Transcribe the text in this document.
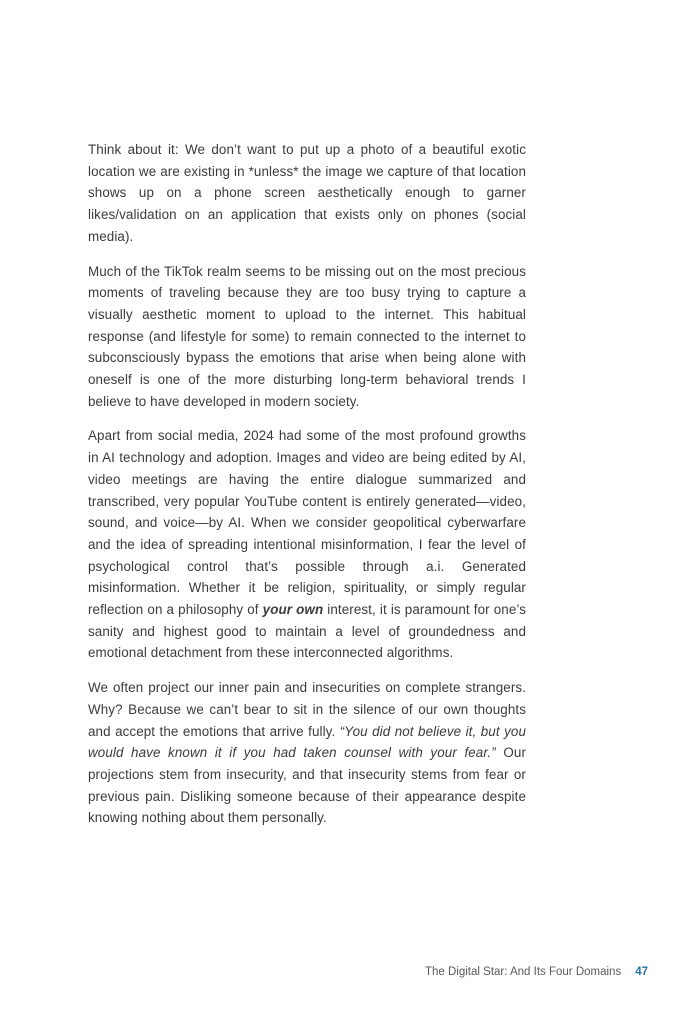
Think about it: We don’t want to put up a photo of a beautiful exotic location we are existing in *unless* the image we capture of that location shows up on a phone screen aesthetically enough to garner likes/validation on an application that exists only on phones (social media).

Much of the TikTok realm seems to be missing out on the most precious moments of traveling because they are too busy trying to capture a visually aesthetic moment to upload to the internet. This habitual response (and lifestyle for some) to remain connected to the internet to subconsciously bypass the emotions that arise when being alone with oneself is one of the more disturbing long-term behavioral trends I believe to have developed in modern society.

Apart from social media, 2024 had some of the most profound growths in AI technology and adoption. Images and video are being edited by AI, video meetings are having the entire dialogue summarized and transcribed, very popular YouTube content is entirely generated—video, sound, and voice—by AI. When we consider geopolitical cyberwarfare and the idea of spreading intentional misinformation, I fear the level of psychological control that’s possible through a.i. Generated misinformation. Whether it be religion, spirituality, or simply regular reflection on a philosophy of your own interest, it is paramount for one’s sanity and highest good to maintain a level of groundedness and emotional detachment from these interconnected algorithms.

We often project our inner pain and insecurities on complete strangers. Why? Because we can’t bear to sit in the silence of our own thoughts and accept the emotions that arrive fully. “You did not believe it, but you would have known it if you had taken counsel with your fear.” Our projections stem from insecurity, and that insecurity stems from fear or previous pain. Disliking someone because of their appearance despite knowing nothing about them personally.

The Digital Star: And Its Four Domains 47
